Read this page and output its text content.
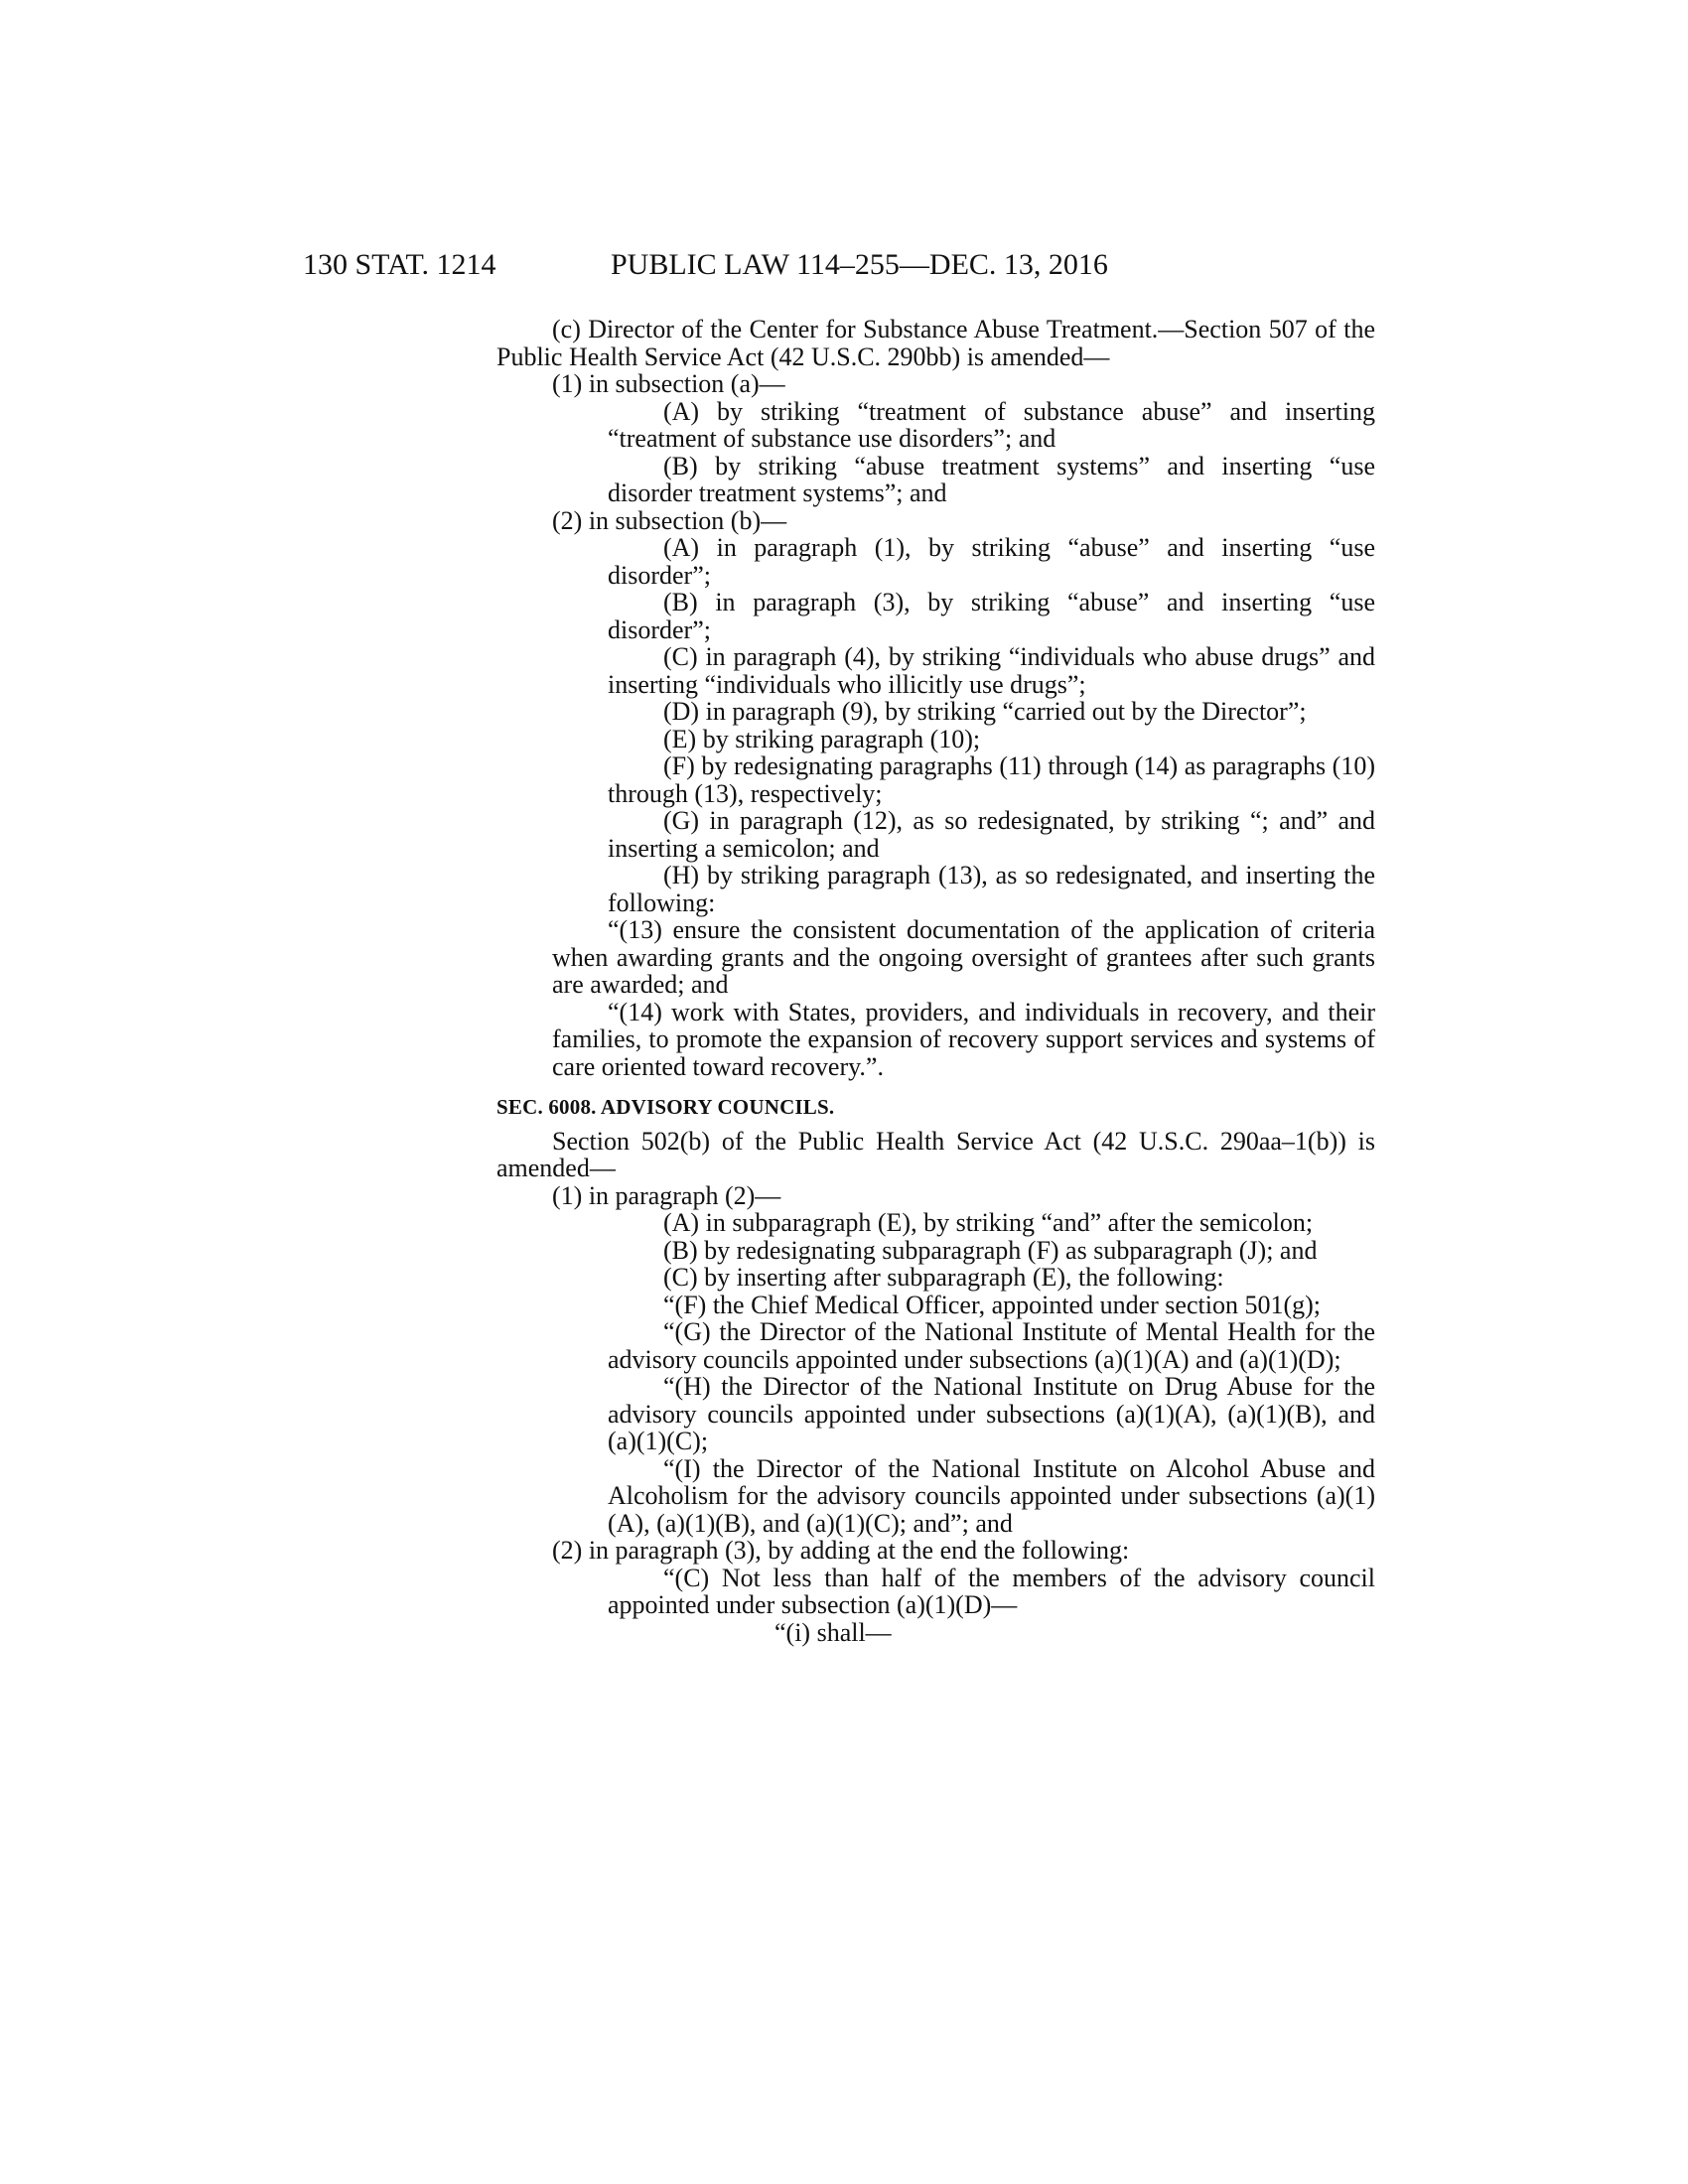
130 STAT. 1214	PUBLIC LAW 114–255—DEC. 13, 2016

(c) Director of the Center for Substance Abuse Treatment.—Section 507 of the Public Health Service Act (42 U.S.C. 290bb) is amended—

(1) in subsection (a)—

(A) by striking “treatment of substance abuse” and inserting “treatment of substance use disorders”; and

(B) by striking “abuse treatment systems” and inserting “use disorder treatment systems”; and

(2) in subsection (b)—

(A) in paragraph (1), by striking “abuse” and inserting “use disorder”;

(B) in paragraph (3), by striking “abuse” and inserting “use disorder”;

(C) in paragraph (4), by striking “individuals who abuse drugs” and inserting “individuals who illicitly use drugs”;

(D) in paragraph (9), by striking “carried out by the Director”;

(E) by striking paragraph (10);

(F) by redesignating paragraphs (11) through (14) as paragraphs (10) through (13), respectively;

(G) in paragraph (12), as so redesignated, by striking “; and” and inserting a semicolon; and

(H) by striking paragraph (13), as so redesignated, and inserting the following:

“(13) ensure the consistent documentation of the application of criteria when awarding grants and the ongoing oversight of grantees after such grants are awarded; and

“(14) work with States, providers, and individuals in recovery, and their families, to promote the expansion of recovery support services and systems of care oriented toward recovery.”.

SEC. 6008. ADVISORY COUNCILS.

Section 502(b) of the Public Health Service Act (42 U.S.C. 290aa–1(b)) is amended—

(1) in paragraph (2)—

(A) in subparagraph (E), by striking “and” after the semicolon;

(B) by redesignating subparagraph (F) as subparagraph (J); and

(C) by inserting after subparagraph (E), the following:

“(F) the Chief Medical Officer, appointed under section 501(g);

“(G) the Director of the National Institute of Mental Health for the advisory councils appointed under subsections (a)(1)(A) and (a)(1)(D);

“(H) the Director of the National Institute on Drug Abuse for the advisory councils appointed under subsections (a)(1)(A), (a)(1)(B), and (a)(1)(C);

“(I) the Director of the National Institute on Alcohol Abuse and Alcoholism for the advisory councils appointed under subsections (a)(1)(A), (a)(1)(B), and (a)(1)(C); and”; and

(2) in paragraph (3), by adding at the end the following:

“(C) Not less than half of the members of the advisory council appointed under subsection (a)(1)(D)—

“(i) shall—
